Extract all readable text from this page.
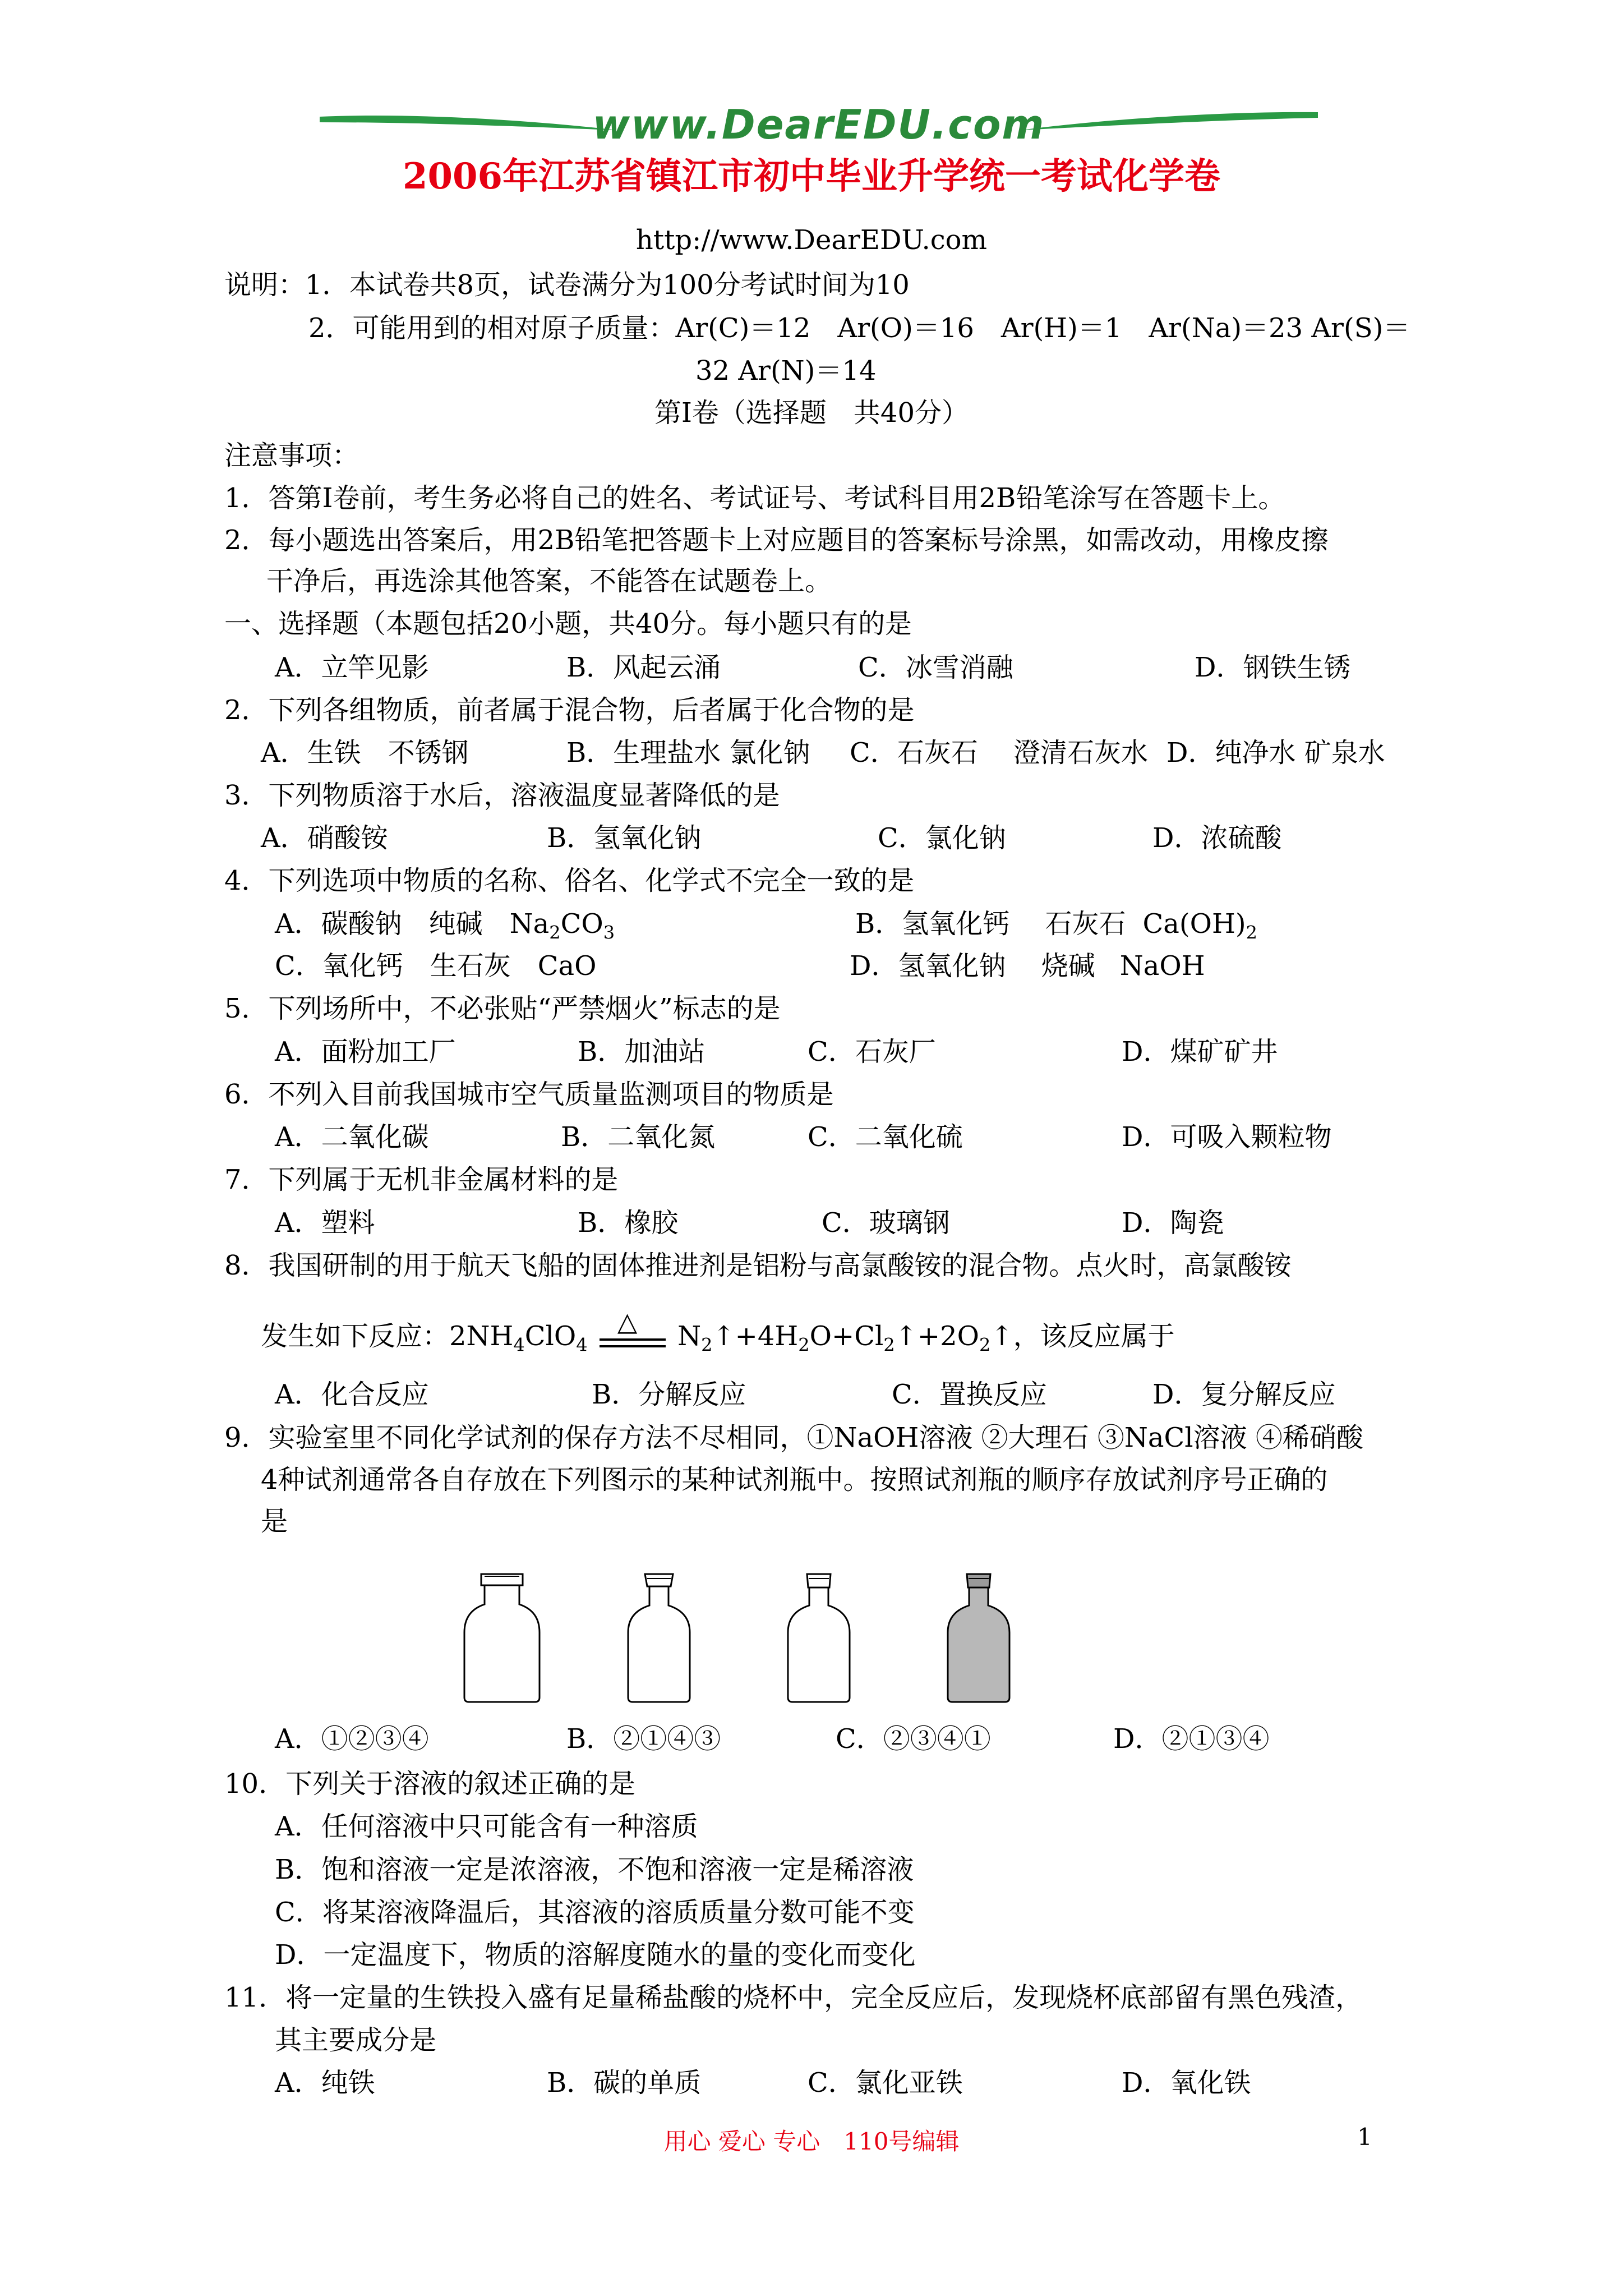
www.DearEDU.com
2006年江苏省镇江市初中毕业升学统一考试化学卷
http://www.DearEDU.com
说明：1．本试卷共8页，试卷满分为100分考试时间为10
2．可能用到的相对原子质量：Ar(C)＝12　Ar(O)＝16　Ar(H)＝1　Ar(Na)＝23 Ar(S)＝
32 Ar(N)＝14
第Ⅰ卷（选择题　共40分）
注意事项：
1．答第Ⅰ卷前，考生务必将自己的姓名、考试证号、考试科目用2B铅笔涂写在答题卡上。
2．每小题选出答案后，用2B铅笔把答题卡上对应题目的答案标号涂黑，如需改动，用橡皮擦
干净后，再选涂其他答案，不能答在试题卷上。
一、选择题（本题包括20小题，共40分。每小题只有的是
A．立竿见影	B．风起云涌	C．冰雪消融	D．钢铁生锈
2．下列各组物质，前者属于混合物，后者属于化合物的是
A．生铁　不锈钢	B．生理盐水 氯化钠 C．石灰石　 澄清石灰水 D．纯净水 矿泉水
3．下列物质溶于水后，溶液温度显著降低的是
A．硝酸铵	B．氢氧化钠	C．氯化钠	D．浓硫酸
4．下列选项中物质的名称、俗名、化学式不完全一致的是
A．碳酸钠　纯碱 $Na_2CO_3$	B．氢氧化钙　 石灰石 $Ca(OH)_2$
C．氧化钙　生石灰　CaO	D．氢氧化钠　 烧碱 NaOH
5．下列场所中，不必张贴“严禁烟火”标志的是
A．面粉加工厂	B．加油站	C．石灰厂	D．煤矿矿井
6．不列入目前我国城市空气质量监测项目的物质是
A．二氧化碳	B．二氧化氮	C．二氧化硫	D．可吸入颗粒物
7．下列属于无机非金属材料的是
A．塑料	B．橡胶	C．玻璃钢	D．陶瓷
8．我国研制的用于航天飞船的固体推进剂是铝粉与高氯酸铵的混合物。点火时，高氯酸铵
发生如下反应：$2NH_4ClO_4$
△ $N_2↑+4H_2O+Cl_2↑+2O_2↑$，该反应属于
A．化合反应	B．分解反应	C．置换反应	D．复分解反应
9．实验室里不同化学试剂的保存方法不尽相同，①NaOH溶液 ②大理石 ③NaCl溶液 ④稀硝酸
4种试剂通常各自存放在下列图示的某种试剂瓶中。按照试剂瓶的顺序存放试剂序号正确的
是
A．①②③④	B．②①④③	C．②③④①	D．②①③④
10．下列关于溶液的叙述正确的是
A．任何溶液中只可能含有一种溶质
B．饱和溶液一定是浓溶液，不饱和溶液一定是稀溶液
C．将某溶液降温后，其溶液的溶质质量分数可能不变
D．一定温度下，物质的溶解度随水的量的变化而变化
11．将一定量的生铁投入盛有足量稀盐酸的烧杯中，完全反应后，发现烧杯底部留有黑色残渣，
其主要成分是
A．纯铁	B．碳的单质	C．氯化亚铁	D．氧化铁
用心 爱心 专心　110号编辑	1
